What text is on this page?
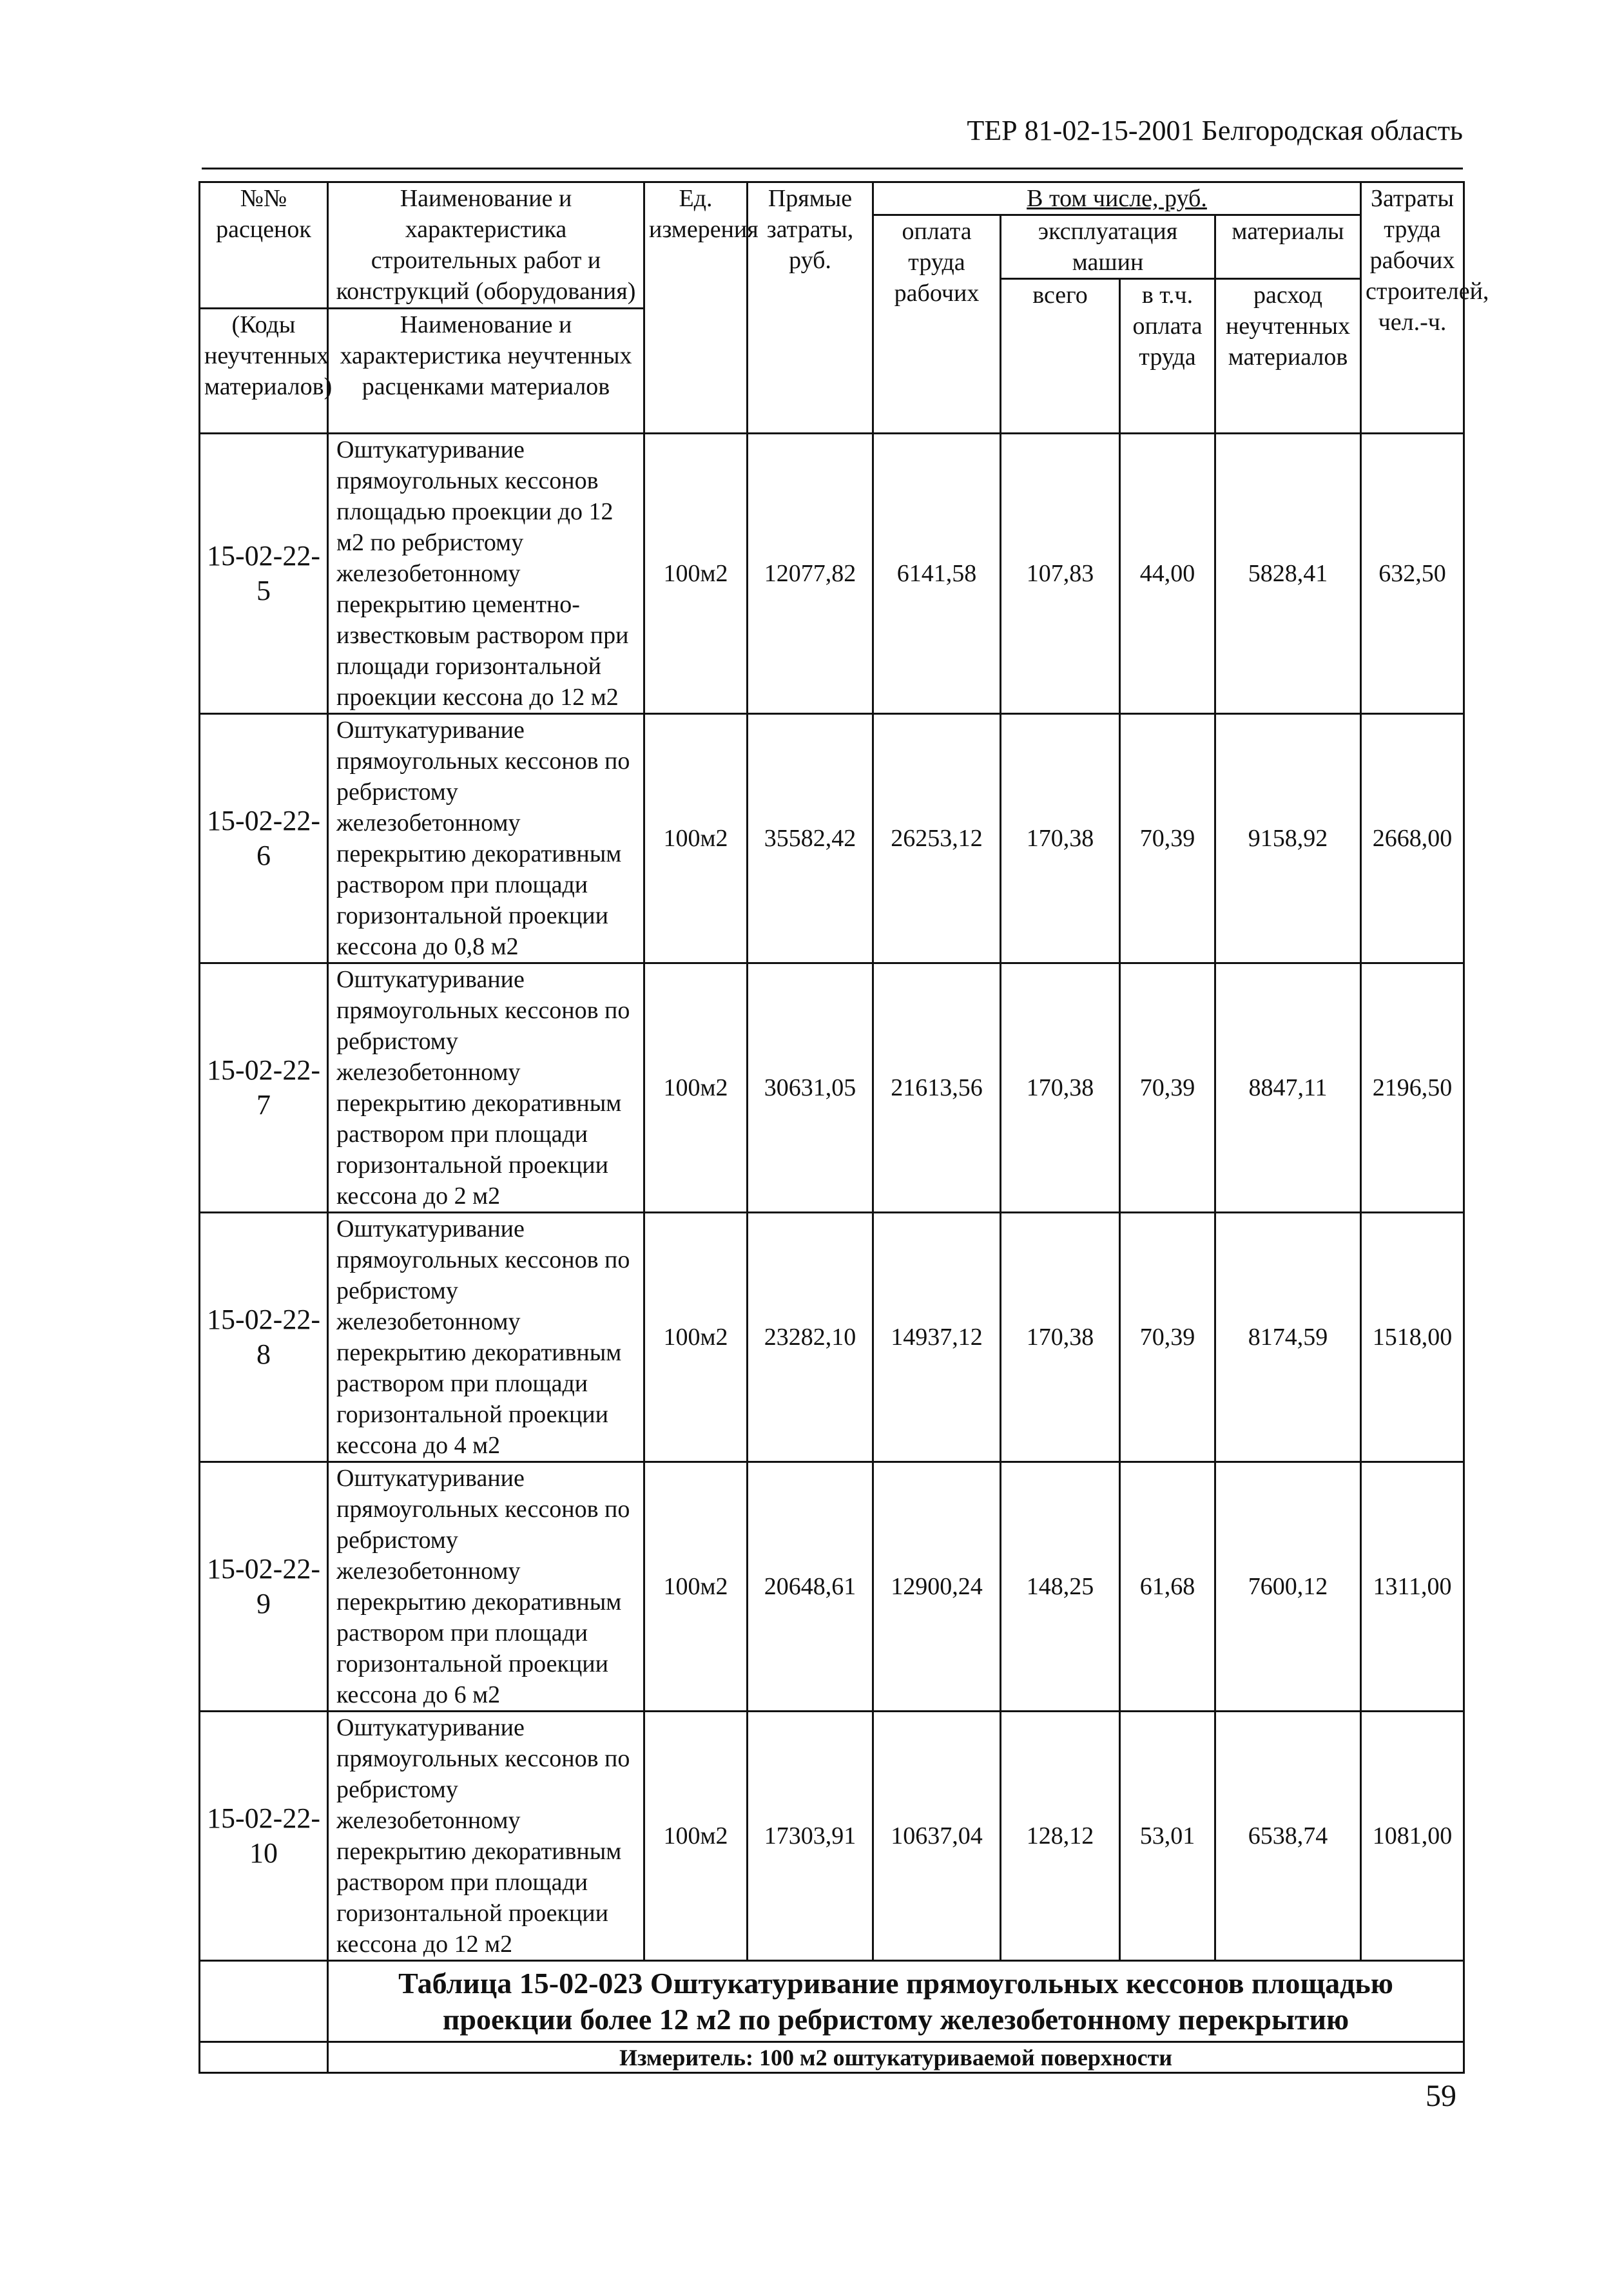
ТЕР 81-02-15-2001 Белгородская область
№№ расценок	Наименование и характеристика строительных работ и конструкций (оборудования)	Ед. измерения	Прямые затраты, руб.	В том числе, руб.				Затраты труда рабочих строителей, чел.-ч.
				оплата труда рабочих	эксплуатация машин		материалы	
					всего	в т.ч. оплата труда	расход неучтенных материалов	
(Коды неучтенных материалов)	Наименование и характеристика неучтенных расценками материалов							

15-02-22-5	Оштукатуривание прямоугольных кессонов площадью проекции до 12 м2 по ребристому железобетонному перекрытию цементно-известковым раствором при площади горизонтальной проекции кессона до 12 м2	100м2	12077,82	6141,58	107,83	44,00	5828,41	632,50
15-02-22-6	Оштукатуривание прямоугольных кессонов по ребристому железобетонному перекрытию декоративным раствором при площади горизонтальной проекции кессона до 0,8 м2	100м2	35582,42	26253,12	170,38	70,39	9158,92	2668,00
15-02-22-7	Оштукатуривание прямоугольных кессонов по ребристому железобетонному перекрытию декоративным раствором при площади горизонтальной проекции кессона до 2 м2	100м2	30631,05	21613,56	170,38	70,39	8847,11	2196,50
15-02-22-8	Оштукатуривание прямоугольных кессонов по ребристому железобетонному перекрытию декоративным раствором при площади горизонтальной проекции кессона до 4 м2	100м2	23282,10	14937,12	170,38	70,39	8174,59	1518,00
15-02-22-9	Оштукатуривание прямоугольных кессонов по ребристому железобетонному перекрытию декоративным раствором при площади горизонтальной проекции кессона до 6 м2	100м2	20648,61	12900,24	148,25	61,68	7600,12	1311,00
15-02-22-10	Оштукатуривание прямоугольных кессонов по ребристому железобетонному перекрытию декоративным раствором при площади горизонтальной проекции кессона до 12 м2	100м2	17303,91	10637,04	128,12	53,01	6538,74	1081,00
	Таблица 15-02-023 Оштукатуривание прямоугольных кессонов площадью проекции более 12 м2 по ребристому железобетонному перекрытию							
	Измеритель: 100 м2 оштукатуриваемой поверхности							
59
